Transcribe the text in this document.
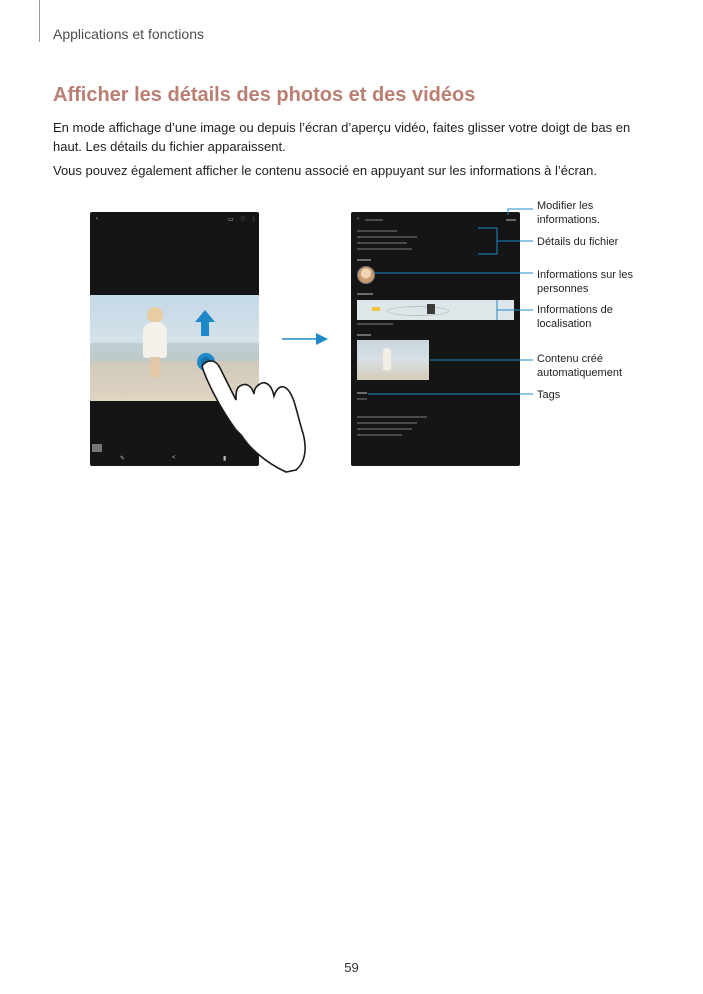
Applications et fonctions
Afficher les détails des photos et des vidéos
En mode affichage d’une image ou depuis l’écran d’aperçu vidéo, faites glisser votre doigt de bas en haut. Les détails du fichier apparaissent.
Vous pouvez également afficher le contenu associé en appuyant sur les informations à l’écran.
‹	▭ ♡ ⋮
✎	<	▮
‹
Modifier les informations.
Détails du fichier
Informations sur les personnes
Informations de localisation
Contenu créé automatiquement
Tags
59
